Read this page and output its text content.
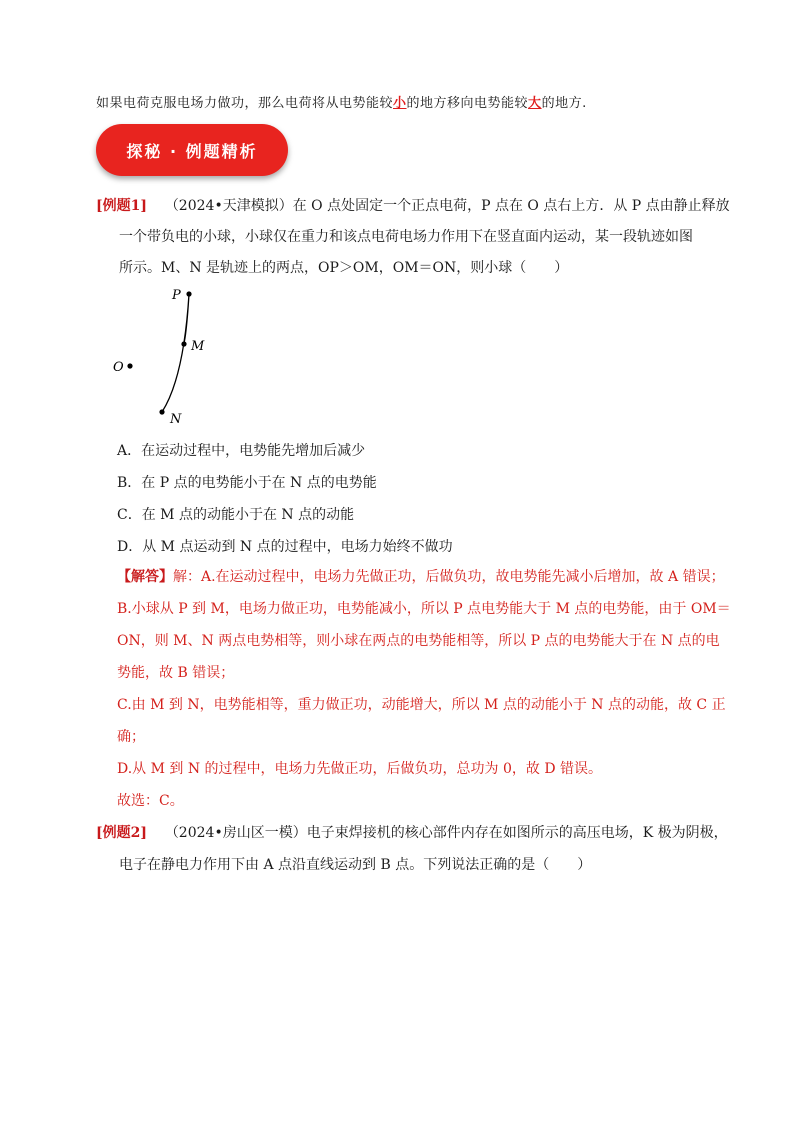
如果电荷克服电场力做功，那么电荷将从电势能较小的地方移向电势能较大的地方.
探秘 · 例题精析
[例题1] （2024•天津模拟）在 O 点处固定一个正点电荷，P 点在 O 点右上方．从 P 点由静止释放
一个带负电的小球，小球仅在重力和该点电荷电场力作用下在竖直面内运动，某一段轨迹如图
所示。M、N 是轨迹上的两点，OP＞OM，OM＝ON，则小球（　　）
P
M
O
N
A．在运动过程中，电势能先增加后减少
B．在 P 点的电势能小于在 N 点的电势能
C．在 M 点的动能小于在 N 点的动能
D．从 M 点运动到 N 点的过程中，电场力始终不做功
【解答】解：A.在运动过程中，电场力先做正功，后做负功，故电势能先减小后增加，故 A 错误；
B.小球从 P 到 M，电场力做正功，电势能减小，所以 P 点电势能大于 M 点的电势能，由于 OM＝
ON，则 M、N 两点电势相等，则小球在两点的电势能相等，所以 P 点的电势能大于在 N 点的电
势能，故 B 错误；
C.由 M 到 N，电势能相等，重力做正功，动能增大，所以 M 点的动能小于 N 点的动能，故 C 正
确；
D.从 M 到 N 的过程中，电场力先做正功，后做负功，总功为 0，故 D 错误。
故选：C。
[例题2] （2024•房山区一模）电子束焊接机的核心部件内存在如图所示的高压电场，K 极为阴极，
电子在静电力作用下由 A 点沿直线运动到 B 点。下列说法正确的是（　　）
